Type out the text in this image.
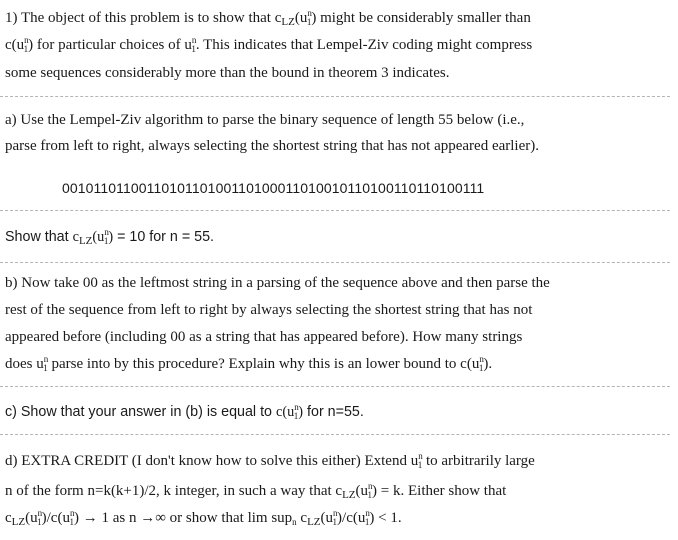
1) The object of this problem is to show that $c_{LZ}(u^n_1)$ might be considerably smaller than
$c(u^n_1)$ for particular choices of $u^n_1$. This indicates that Lempel-Ziv coding might compress
some sequences considerably more than the bound in theorem 3 indicates.
a) Use the Lempel-Ziv algorithm to parse the binary sequence of length 55 below (i.e.,
parse from left to right, always selecting the shortest string that has not appeared earlier).
0010110110011010110100110100011010010110100110110100111
Show that $c_{LZ}(u^n_1) = 10$ for n = 55.
b) Now take 00 as the leftmost string in a parsing of the sequence above and then parse the
rest of the sequence from left to right by always selecting the shortest string that has not
appeared before (including 00 as a string that has appeared before). How many strings
does $u^n_1$ parse into by this procedure? Explain why this is an lower bound to $c(u^n_1)$.
c) Show that your answer in (b) is equal to $c(u^n_1)$ for n=55.
d) EXTRA CREDIT (I don't know how to solve this either) Extend $u^n_1$ to arbitrarily large
n of the form n=k(k+1)/2, k integer, in such a way that $c_{LZ}(u^n_1) = k$. Either show that
$c_{LZ}(u^n_1)/c(u^n_1) \to 1$ as n →∞ or show that lim sup$_n$ $c_{LZ}(u^n_1)/c(u^n_1) < 1$.
